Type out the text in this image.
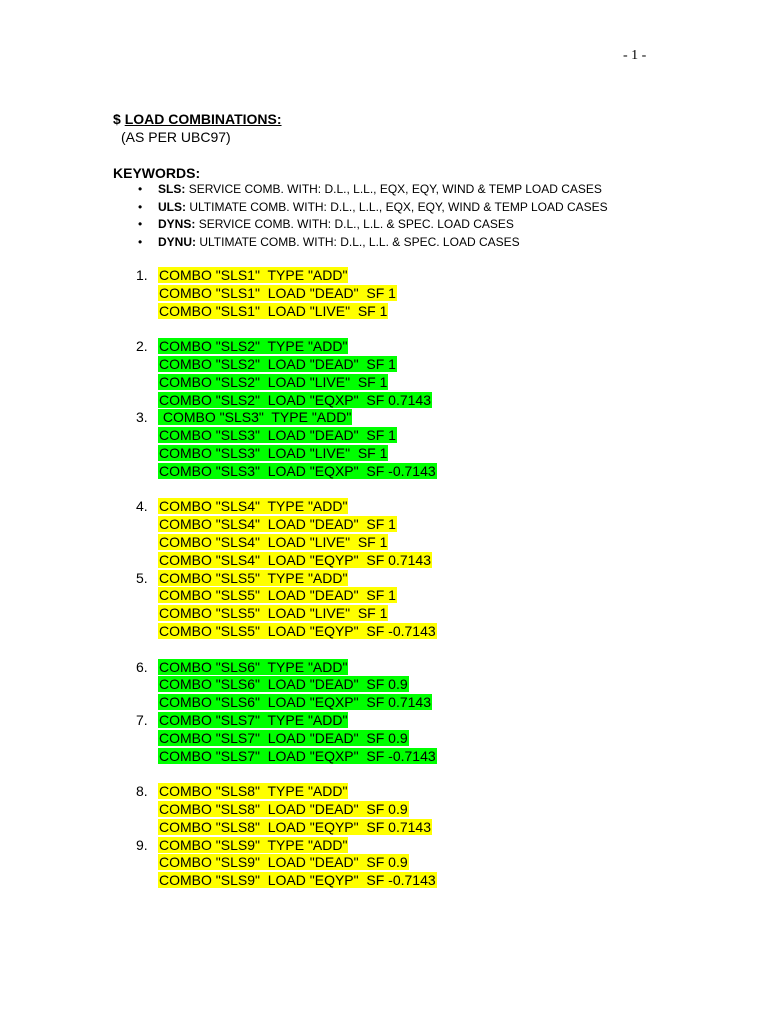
- 1 -
$ LOAD COMBINATIONS:
(AS PER UBC97)
KEYWORDS:
• SLS: SERVICE COMB. WITH: D.L., L.L., EQX, EQY, WIND & TEMP LOAD CASES
• ULS: ULTIMATE COMB. WITH: D.L., L.L., EQX, EQY, WIND & TEMP LOAD CASES
• DYNS: SERVICE COMB. WITH: D.L., L.L. & SPEC. LOAD CASES
• DYNU: ULTIMATE COMB. WITH: D.L., L.L. & SPEC. LOAD CASES
1. COMBO "SLS1"  TYPE "ADD"
COMBO "SLS1"  LOAD "DEAD"  SF 1
COMBO "SLS1"  LOAD "LIVE"  SF 1
2. COMBO "SLS2"  TYPE "ADD"
COMBO "SLS2"  LOAD "DEAD"  SF 1
COMBO "SLS2"  LOAD "LIVE"  SF 1
COMBO "SLS2"  LOAD "EQXP"  SF 0.7143
3. COMBO "SLS3"  TYPE "ADD"
COMBO "SLS3"  LOAD "DEAD"  SF 1
COMBO "SLS3"  LOAD "LIVE"  SF 1
COMBO "SLS3"  LOAD "EQXP"  SF -0.7143
4. COMBO "SLS4"  TYPE "ADD"
COMBO "SLS4"  LOAD "DEAD"  SF 1
COMBO "SLS4"  LOAD "LIVE"  SF 1
COMBO "SLS4"  LOAD "EQYP"  SF 0.7143
5. COMBO "SLS5"  TYPE "ADD"
COMBO "SLS5"  LOAD "DEAD"  SF 1
COMBO "SLS5"  LOAD "LIVE"  SF 1
COMBO "SLS5"  LOAD "EQYP"  SF -0.7143
6. COMBO "SLS6"  TYPE "ADD"
COMBO "SLS6"  LOAD "DEAD"  SF 0.9
COMBO "SLS6"  LOAD "EQXP"  SF 0.7143
7. COMBO "SLS7"  TYPE "ADD"
COMBO "SLS7"  LOAD "DEAD"  SF 0.9
COMBO "SLS7"  LOAD "EQXP"  SF -0.7143
8. COMBO "SLS8"  TYPE "ADD"
COMBO "SLS8"  LOAD "DEAD"  SF 0.9
COMBO "SLS8"  LOAD "EQYP"  SF 0.7143
9. COMBO "SLS9"  TYPE "ADD"
COMBO "SLS9"  LOAD "DEAD"  SF 0.9
COMBO "SLS9"  LOAD "EQYP"  SF -0.7143
